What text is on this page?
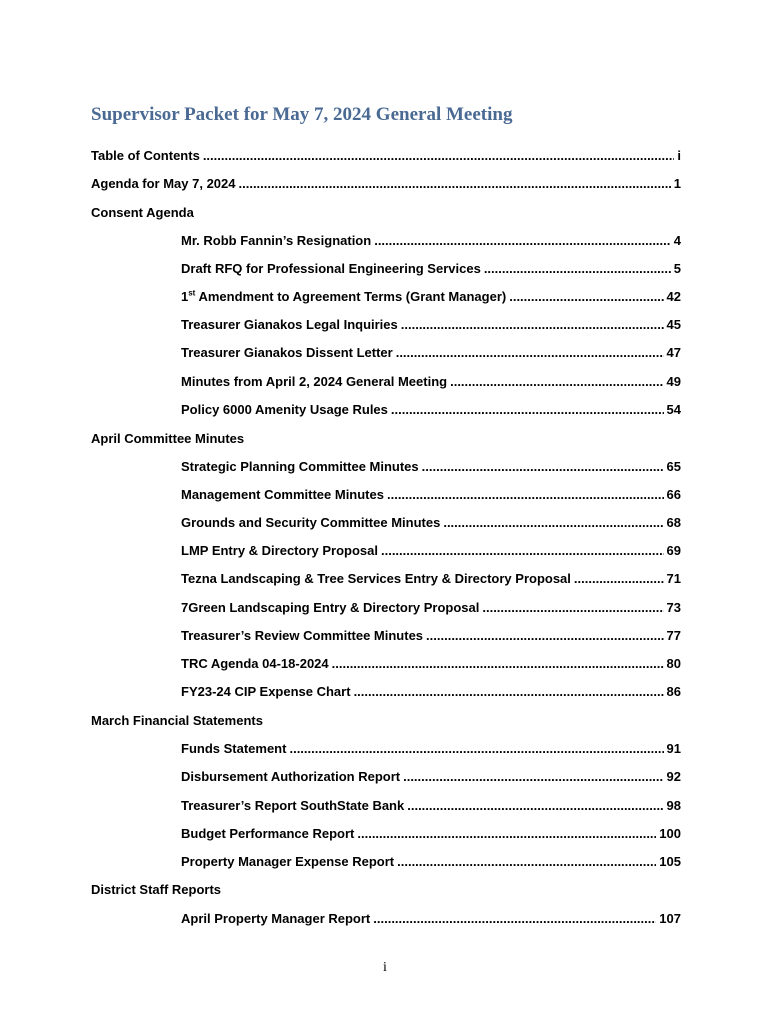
Supervisor Packet for May 7, 2024 General Meeting
Table of Contents .....	i
Agenda for May 7, 2024 .....	1
Consent Agenda
Mr. Robb Fannin’s Resignation .....	4
Draft RFQ for Professional Engineering Services .....	5
1st Amendment to Agreement Terms (Grant Manager) .....	42
Treasurer Gianakos Legal Inquiries .....	45
Treasurer Gianakos Dissent Letter .....	47
Minutes from April 2, 2024 General Meeting .....	49
Policy 6000 Amenity Usage Rules .....	54
April Committee Minutes
Strategic Planning Committee Minutes .....	65
Management Committee Minutes .....	66
Grounds and Security Committee Minutes .....	68
LMP Entry & Directory Proposal .....	69
Tezna Landscaping & Tree Services Entry & Directory Proposal .....	71
7Green Landscaping Entry & Directory Proposal .....	73
Treasurer’s Review Committee Minutes .....	77
TRC Agenda 04-18-2024 .....	80
FY23-24 CIP Expense Chart .....	86
March Financial Statements
Funds Statement .....	91
Disbursement Authorization Report .....	92
Treasurer’s Report SouthState Bank .....	98
Budget Performance Report .....	100
Property Manager Expense Report .....	105
District Staff Reports
April Property Manager Report .....	107
i
